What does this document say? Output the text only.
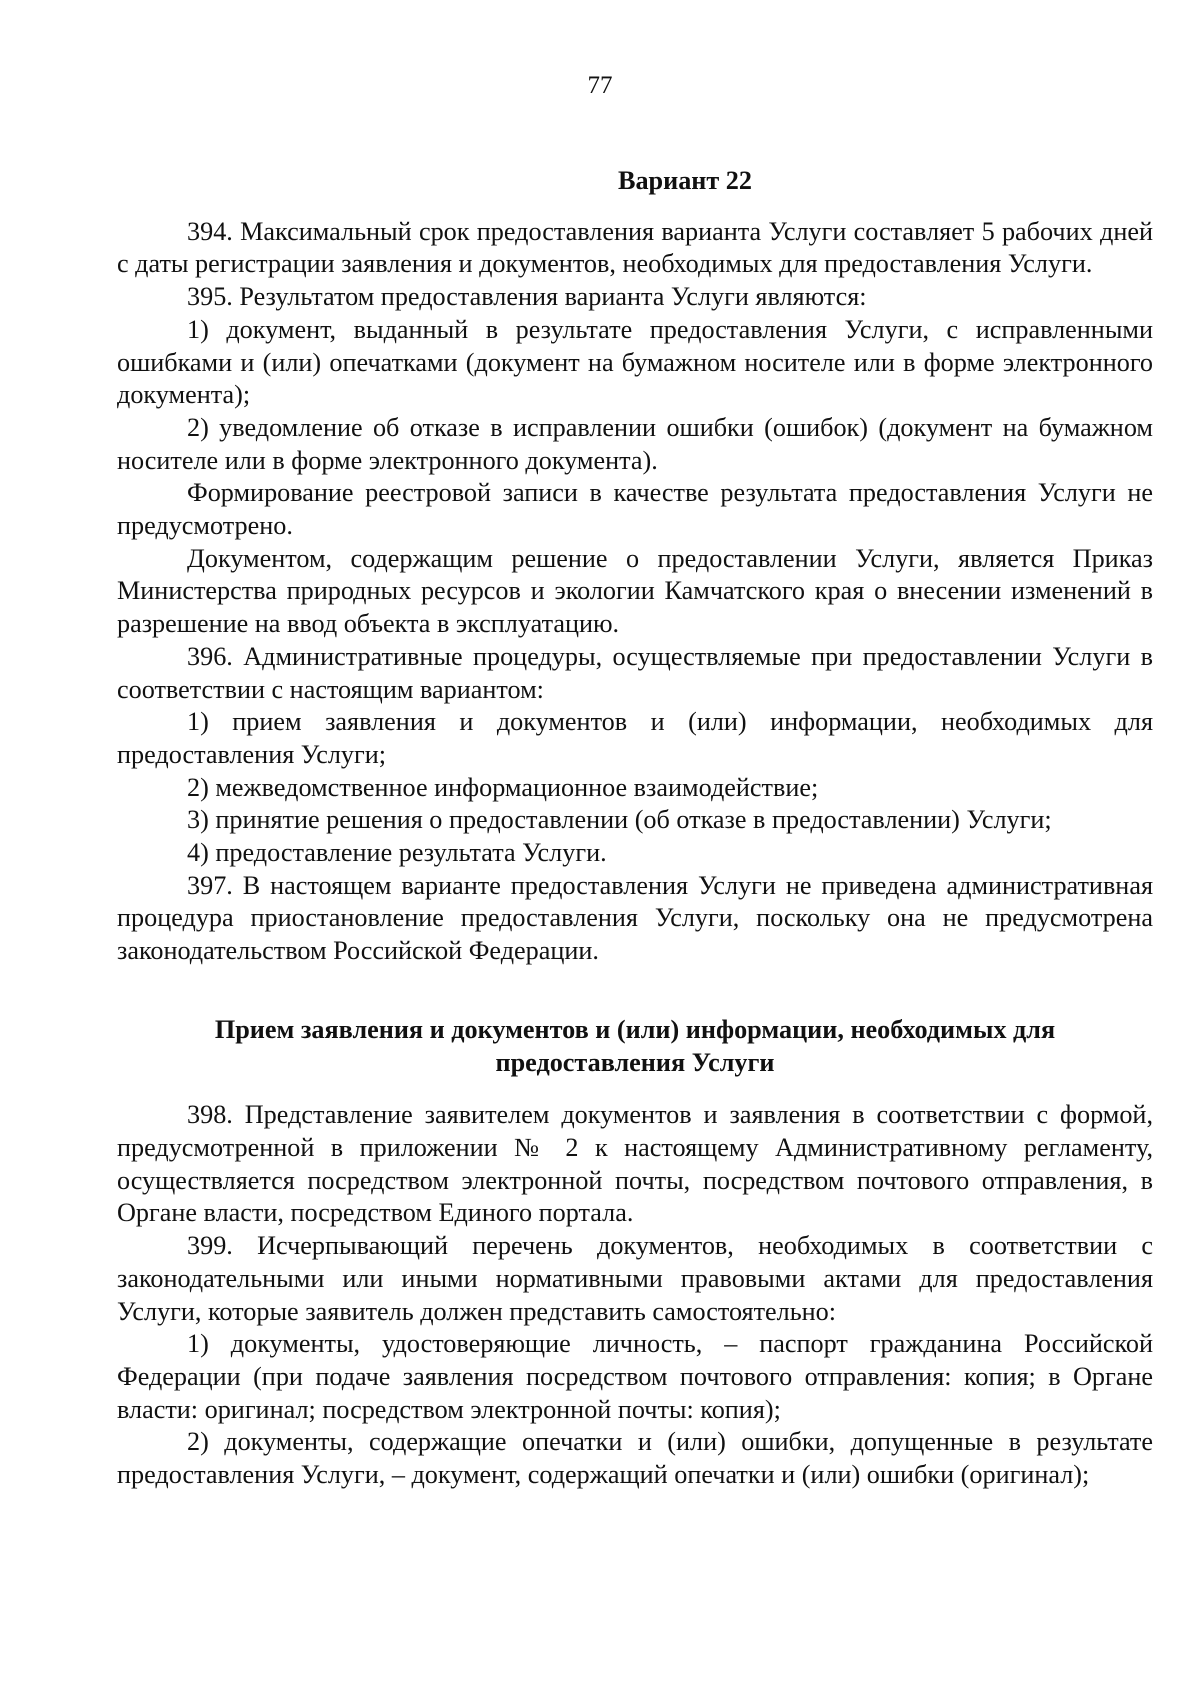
77
Вариант 22

394. Максимальный срок предоставления варианта Услуги составляет 5 рабочих дней с даты регистрации заявления и документов, необходимых для предоставления Услуги.

395. Результатом предоставления варианта Услуги являются:

1) документ, выданный в результате предоставления Услуги, с исправленными ошибками и (или) опечатками (документ на бумажном носителе или в форме электронного документа);

2) уведомление об отказе в исправлении ошибки (ошибок) (документ на бумажном носителе или в форме электронного документа).

Формирование реестровой записи в качестве результата предоставления Услуги не предусмотрено.

Документом, содержащим решение о предоставлении Услуги, является Приказ Министерства природных ресурсов и экологии Камчатского края о внесении изменений в разрешение на ввод объекта в эксплуатацию.

396. Административные процедуры, осуществляемые при предоставлении Услуги в соответствии с настоящим вариантом:

1) прием заявления и документов и (или) информации, необходимых для предоставления Услуги;

2) межведомственное информационное взаимодействие;

3) принятие решения о предоставлении (об отказе в предоставлении) Услуги;

4) предоставление результата Услуги.

397. В настоящем варианте предоставления Услуги не приведена административная процедура приостановление предоставления Услуги, поскольку она не предусмотрена законодательством Российской Федерации.

Прием заявления и документов и (или) информации, необходимых для предоставления Услуги

398. Представление заявителем документов и заявления в соответствии с формой, предусмотренной в приложении № 2 к настоящему Административному регламенту, осуществляется посредством электронной почты, посредством почтового отправления, в Органе власти, посредством Единого портала.

399. Исчерпывающий перечень документов, необходимых в соответствии с законодательными или иными нормативными правовыми актами для предоставления Услуги, которые заявитель должен представить самостоятельно:

1) документы, удостоверяющие личность, – паспорт гражданина Российской Федерации (при подаче заявления посредством почтового отправления: копия; в Органе власти: оригинал; посредством электронной почты: копия);

2) документы, содержащие опечатки и (или) ошибки, допущенные в результате предоставления Услуги, – документ, содержащий опечатки и (или) ошибки (оригинал);
